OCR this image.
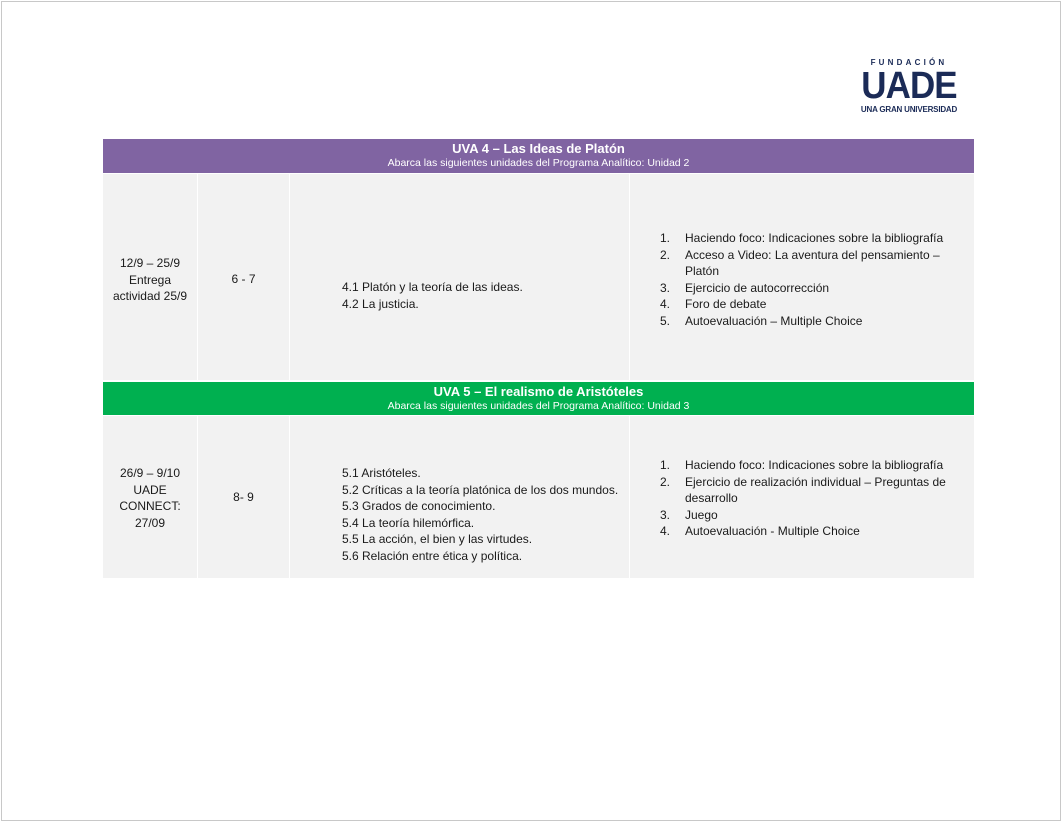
FUNDACIÓN
UADE
UNA GRAN UNIVERSIDAD
UVA 4 – Las Ideas de Platón
Abarca las siguientes unidades del Programa Analítico: Unidad 2
12/9 – 25/9
Entrega
actividad 25/9
6 - 7
4.1 Platón y la teoría de las ideas.
4.2 La justicia.
1. Haciendo foco: Indicaciones sobre la bibliografía
2. Acceso a Video: La aventura del pensamiento –
Platón
3. Ejercicio de autocorrección
4. Foro de debate
5. Autoevaluación – Multiple Choice
UVA 5 – El realismo de Aristóteles
Abarca las siguientes unidades del Programa Analítico: Unidad 3
26/9 – 9/10
UADE
CONNECT:
27/09
8- 9
5.1 Aristóteles.
5.2 Críticas a la teoría platónica de los dos mundos.
5.3 Grados de conocimiento.
5.4 La teoría hilemórfica.
5.5 La acción, el bien y las virtudes.
5.6 Relación entre ética y política.
1. Haciendo foco: Indicaciones sobre la bibliografía
2. Ejercicio de realización individual – Preguntas de
desarrollo
3. Juego
4. Autoevaluación - Multiple Choice
